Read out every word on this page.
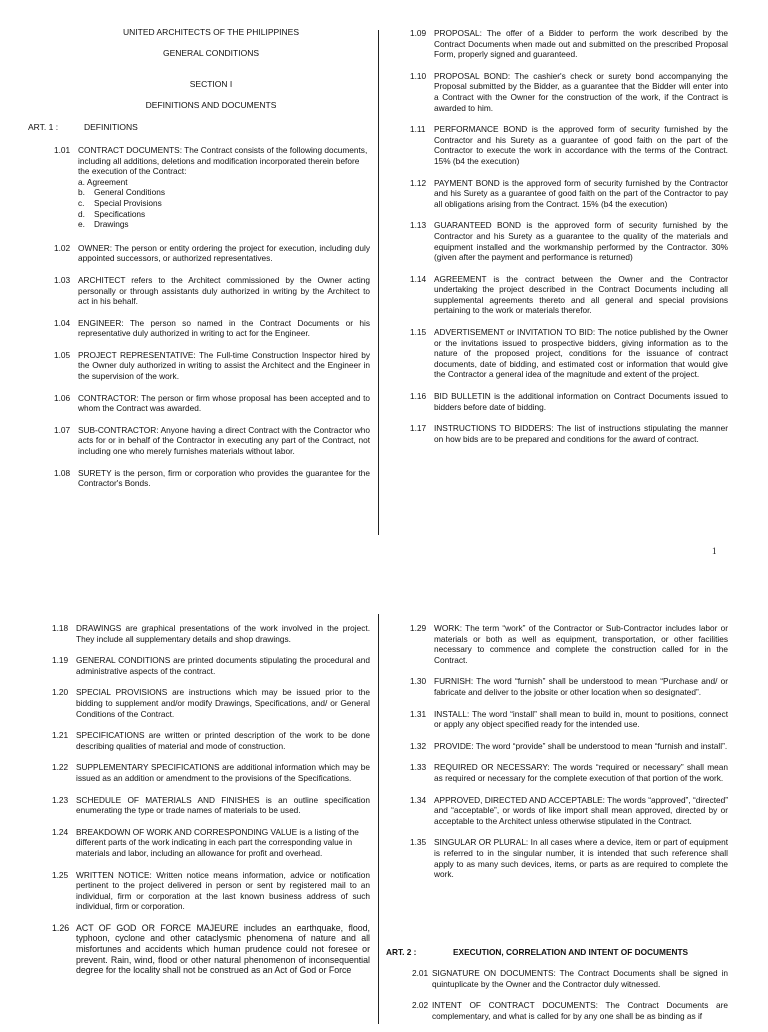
UNITED ARCHITECTS OF THE PHILIPPINES

GENERAL CONDITIONS

SECTION I

DEFINITIONS AND DOCUMENTS

ART. 1 :	DEFINITIONS
1.01 CONTRACT DOCUMENTS: The Contract consists of the following documents, including all additions, deletions and modification incorporated therein before the execution of the Contract:
a. Agreement
b.	General Conditions
c.	Special Provisions
d.	Specifications
e.	Drawings
1.02 OWNER: The person or entity ordering the project for execution, including duly appointed successors, or authorized representatives.
1.03 ARCHITECT refers to the Architect commissioned by the Owner acting personally or through assistants duly authorized in writing by the Architect to act in his behalf.
1.04 ENGINEER: The person so named in the Contract Documents or his representative duly authorized in writing to act for the Engineer.
1.05 PROJECT REPRESENTATIVE: The Full-time Construction Inspector hired by the Owner duly authorized in writing to assist the Architect and the Engineer in the supervision of the work.
1.06 CONTRACTOR: The person or firm whose proposal has been accepted and to whom the Contract was awarded.
1.07 SUB-CONTRACTOR: Anyone having a direct Contract with the Contractor who acts for or in behalf of the Contractor in executing any part of the Contract, not including one who merely furnishes materials without labor.
1.08 SURETY is the person, firm or corporation who provides the guarantee for the Contractor's Bonds.
1.09 PROPOSAL: The offer of a Bidder to perform the work described by the Contract Documents when made out and submitted on the prescribed Proposal Form, properly signed and guaranteed.
1.10 PROPOSAL BOND: The cashier's check or surety bond accompanying the Proposal submitted by the Bidder, as a guarantee that the Bidder will enter into a Contract with the Owner for the construction of the work, if the Contract is awarded to him.
1.11	PERFORMANCE BOND is the approved form of security furnished by the Contractor and his Surety as a guarantee of good faith on the part of the Contractor to execute the work in accordance with the terms of the Contract. 15% (b4 the execution)
1.12 PAYMENT BOND is the approved form of security furnished by the Contractor and his Surety as a guarantee of good faith on the part of the Contractor to pay all obligations arising from the Contract. 15% (b4 the execution)
1.13 GUARANTEED BOND is the approved form of security furnished by the Contractor and his Surety as a guarantee to the quality of the materials and equipment installed and the workmanship performed by the Contractor. 30% (given after the payment and performance is returned)
1.14 AGREEMENT is the contract between the Owner and the Contractor undertaking the project described in the Contract Documents including all supplemental agreements thereto and all general and special provisions pertaining to the work or materials therefor.
1.15 ADVERTISEMENT or INVITATION TO BID: The notice published by the Owner or the invitations issued to prospective bidders, giving information as to the nature of the proposed project, conditions for the issuance of contract documents, date of bidding, and estimated cost or information that would give the Contractor a general idea of the magnitude and extent of the project.
1.16 BID BULLETIN is the additional information on Contract Documents issued to bidders before date of bidding.
1.17 INSTRUCTIONS TO BIDDERS: The list of instructions stipulating the manner on how bids are to be prepared and conditions for the award of contract.
1
1.18 DRAWINGS are graphical presentations of the work involved in the project. They include all supplementary details and shop drawings.
1.19 GENERAL CONDITIONS are printed documents stipulating the procedural and administrative aspects of the contract.
1.20 SPECIAL PROVISIONS are instructions which may be issued prior to the bidding to supplement and/or modify Drawings, Specifications, and/ or General Conditions of the Contract.
1.21 SPECIFICATIONS are written or printed description of the work to be done describing qualities of material and mode of construction.
1.22 SUPPLEMENTARY SPECIFICATIONS are additional information which may be issued as an addition or amendment to the provisions of the Specifications.
1.23 SCHEDULE OF MATERIALS AND FINISHES is an outline specification enumerating the type or trade names of materials to be used.
1.24 BREAKDOWN OF WORK AND CORRESPONDING VALUE is a listing of the different parts of the work indicating in each part the corresponding value in materials and labor, including an allowance for profit and overhead.
1.25 WRITTEN NOTICE: Written notice means information, advice or notification pertinent to the project delivered in person or sent by registered mail to an individual, firm or corporation at the last known business address of such individual, firm or corporation.
1.26 ACT OF GOD OR FORCE MAJEURE includes an earthquake, flood, typhoon, cyclone and other cataclysmic phenomena of nature and all misfortunes and accidents which human prudence could not foresee or prevent. Rain, wind, flood or other natural phenomenon of inconsequential degree for the locality shall not be construed as an Act of God or Force
1.29 WORK: The term “work” of the Contractor or Sub-Contractor includes labor or materials or both as well as equipment, transportation, or other facilities necessary to commence and complete the construction called for in the Contract.
1.30 FURNISH: The word “furnish” shall be understood to mean “Purchase and/ or fabricate and deliver to the jobsite or other location when so designated”.
1.31 INSTALL: The word “install” shall mean to build in, mount to positions, connect or apply any object specified ready for the intended use.
1.32 PROVIDE: The word “provide” shall be understood to mean “furnish and install”.
1.33 REQUIRED OR NECESSARY: The words “required or necessary” shall mean as required or necessary for the complete execution of that portion of the work.
1.34 APPROVED, DIRECTED AND ACCEPTABLE: The words “approved”, “directed” and “acceptable”, or words of like import shall mean approved, directed by or acceptable to the Architect unless otherwise stipulated in the Contract.
1.35 SINGULAR OR PLURAL: In all cases where a device, item or part of equipment is referred to in the singular number, it is intended that such reference shall apply to as many such devices, items, or parts as are required to complete the work.
ART. 2 :	EXECUTION, CORRELATION AND INTENT OF DOCUMENTS
2.01 SIGNATURE ON DOCUMENTS: The Contract Documents shall be signed in quintuplicate by the Owner and the Contractor duly witnessed.
2.02 INTENT OF CONTRACT DOCUMENTS: The Contract Documents are complementary, and what is called for by any one shall be as binding as if
